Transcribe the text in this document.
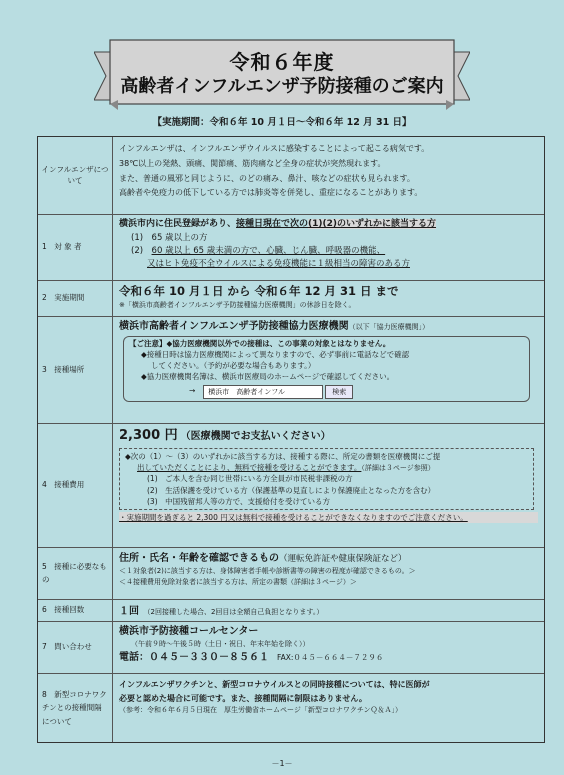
令和６年度
高齢者インフルエンザ予防接種のご案内
【実施期間：令和６年 10 月１日～令和６年 12 月 31 日】
インフルエンザについて
インフルエンザは、インフルエンザウイルスに感染することによって起こる病気です。
38℃以上の発熱、頭痛、関節痛、筋肉痛など全身の症状が突然現れます。
また、普通の風邪と同じように、のどの痛み、鼻汁、咳などの症状も見られます。
高齢者や免疫力の低下している方では肺炎等を併発し、重症になることがあります。
1　対 象 者
横浜市内に住民登録があり、接種日現在で次の(1)(2)のいずれかに該当する方
(1)　65 歳以上の方
(2)　60 歳以上 65 歳未満の方で、心臓、じん臓、呼吸器の機能、
又はヒト免疫不全ウイルスによる免疫機能に１級相当の障害のある方
2　実施期間	令和６年 10 月１日 から 令和６年 12 月 31 日 まで
※「横浜市高齢者インフルエンザ予防接種協力医療機関」の休診日を除く。
3　接種場所
横浜市高齢者インフルエンザ予防接種協力医療機関（以下「協力医療機関」）
【ご注意】◆協力医療機関以外での接種は、この事業の対象とはなりません。
◆接種日時は協力医療機関によって異なりますので、必ず事前に電話などで確認
してください。（予約が必要な場合もあります。）
◆協力医療機関名簿は、横浜市医療局のホームページで確認してください。
→	横浜市　高齢者インフル	検索
4　接種費用
2,300 円　 （医療機関でお支払いください）
◆次の（1）～（3）のいずれかに該当する方は、接種する際に、所定の書類を医療機関にご提
出していただくことにより、無料で接種を受けることができます。（詳細は３ページ参照）
(1)　ご本人を含む同じ世帯にいる方全員が市民税非課税の方
(2)　生活保護を受けている方（保護基準の見直しにより保護廃止となった方を含む）
(3)　中国残留邦人等の方で、支援給付を受けている方
・実施期間を過ぎると 2,300 円又は無料で接種を受けることができなくなりますのでご注意ください。
5　接種に必要なもの
住所・氏名・年齢を確認できるもの（運転免許証や健康保険証など）
＜１対象者(2)に該当する方は、身体障害者手帳や診断書等の障害の程度が確認できるもの。＞
＜４接種費用免除対象者に該当する方は、所定の書類（詳細は３ページ）＞
6　接種回数	１回　 （2回接種した場合、2回目は全額自己負担となります。）
7　問い合わせ
横浜市予防接種コールセンター
（午前９時～午後５時（土日・祝日、年末年始を除く））
電話：０４５－３３０－８５６１　 FAX:０４５－６６４－７２９６
8　新型コロナワクチンとの接種間隔について
インフルエンザワクチンと、新型コロナウイルスとの同時接種については、特に医師が
必要と認めた場合に可能です。また、接種間隔に制限はありません。
（参考：令和６年６月５日現在　厚生労働省ホームページ「新型コロナワクチンＱ＆Ａ」）
－1－
